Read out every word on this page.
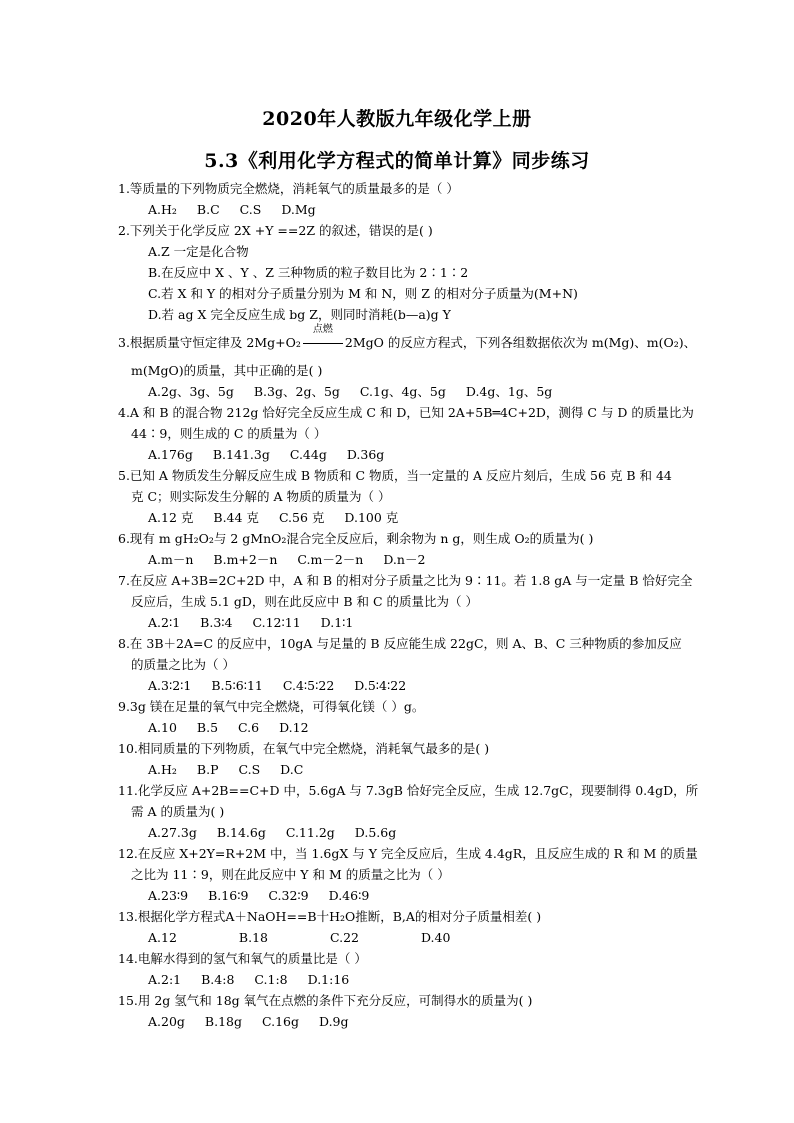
2020年人教版九年级化学上册
5.3《利用化学方程式的简单计算》同步练习
1.等质量的下列物质完全燃烧，消耗氧气的质量最多的是（ ）
A.H₂ B.C C.S D.Mg
2.下列关于化学反应 2X +Y ==2Z 的叙述，错误的是( )
A.Z 一定是化合物
B.在反应中 X 、Y 、Z 三种物质的粒子数目比为 2∶1∶2
C.若 X 和 Y 的相对分子质量分别为 M 和 N，则 Z 的相对分子质量为(M+N)
D.若 ag X 完全反应生成 bg Z，则同时消耗(b—a)g Y
3.根据质量守恒定律及 2Mg+O₂
点燃
2MgO 的反应方程式，下列各组数据依次为 m(Mg)、m(O₂)、
m(MgO)的质量，其中正确的是( )
A.2g、3g、5g B.3g、2g、5g C.1g、4g、5g D.4g、1g、5g
4.A 和 B 的混合物 212g 恰好完全反应生成 C 和 D，已知 2A+5B═4C+2D，测得 C 与 D 的质量比为
44∶9，则生成的 C 的质量为（ ）
A.176g B.141.3g C.44g D.36g
5.已知 A 物质发生分解反应生成 B 物质和 C 物质，当一定量的 A 反应片刻后，生成 56 克 B 和 44
克 C；则实际发生分解的 A 物质的质量为（ ）
A.12 克 B.44 克 C.56 克 D.100 克
6.现有 m gH₂O₂与 2 gMnO₂混合完全反应后，剩余物为 n g，则生成 O₂的质量为( )
A.m－n B.m+2－n C.m－2－n D.n－2
7.在反应 A+3B=2C+2D 中，A 和 B 的相对分子质量之比为 9∶11。若 1.8 gA 与一定量 B 恰好完全
反应后，生成 5.1 gD，则在此反应中 B 和 C 的质量比为（ ）
A.2∶1 B.3∶4 C.12∶11 D.1∶1
8.在 3B＋2A=C 的反应中，10gA 与足量的 B 反应能生成 22gC，则 A、B、C 三种物质的参加反应
的质量之比为（ ）
A.3∶2∶1 B.5∶6∶11 C.4∶5∶22 D.5∶4∶22
9.3g 镁在足量的氧气中完全燃烧，可得氧化镁（ ）g。
A.10 B.5 C.6 D.12
10.相同质量的下列物质，在氧气中完全燃烧，消耗氧气最多的是( )
A.H₂ B.P C.S D.C
11.化学反应 A+2B==C+D 中，5.6gA 与 7.3gB 恰好完全反应，生成 12.7gC，现要制得 0.4gD，所
需 A 的质量为( )
A.27.3g B.14.6g C.11.2g D.5.6g
12.在反应 X+2Y=R+2M 中，当 1.6gX 与 Y 完全反应后，生成 4.4gR，且反应生成的 R 和 M 的质量
之比为 11∶9，则在此反应中 Y 和 M 的质量之比为（ ）
A.23∶9 B.16∶9 C.32∶9 D.46∶9
13.根据化学方程式A＋NaOH==B十H₂O推断，B,A的相对分子质量相差( )
A.12	B.18	C.22	D.40
14.电解水得到的氢气和氧气的质量比是（ ）
A.2:1 B.4:8 C.1:8 D.1:16
15.用 2g 氢气和 18g 氧气在点燃的条件下充分反应，可制得水的质量为( )
A.20g B.18g C.16g D.9g
